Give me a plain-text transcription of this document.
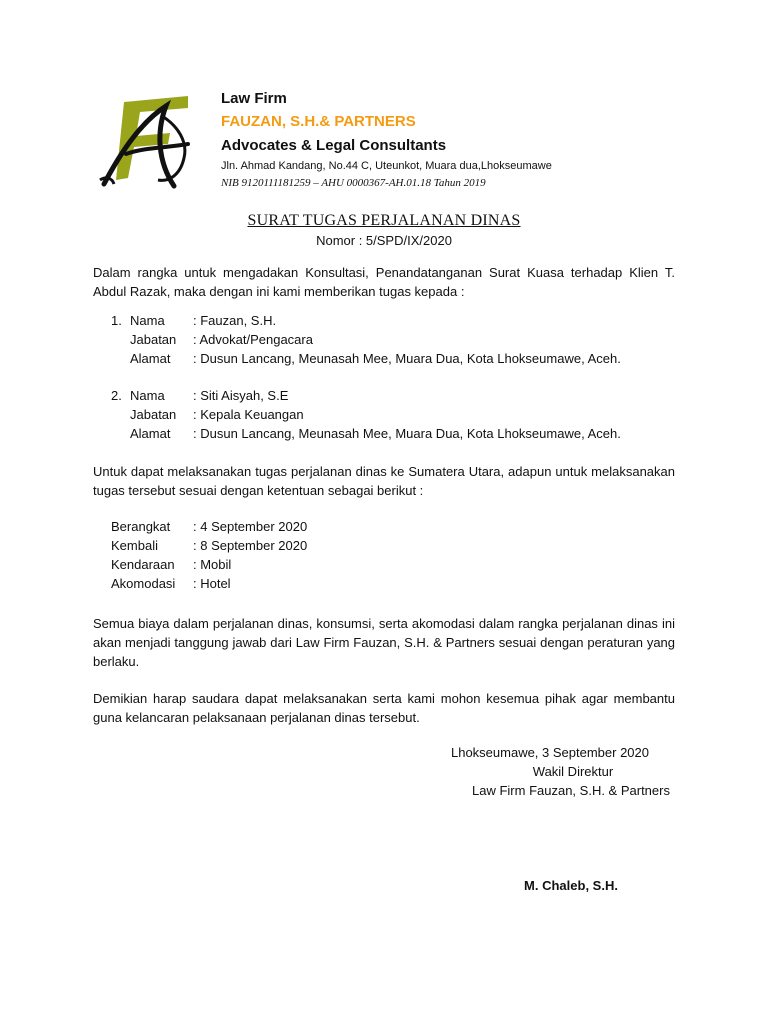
Law Firm
FAUZAN, S.H.& PARTNERS
Advocates & Legal Consultants
Jln. Ahmad Kandang, No.44 C, Uteunkot, Muara dua,Lhokseumawe
NIB 9120111181259 – AHU 0000367-AH.01.18 Tahun 2019
SURAT TUGAS PERJALANAN DINAS
Nomor : 5/SPD/IX/2020
Dalam rangka untuk mengadakan Konsultasi, Penandatanganan Surat Kuasa terhadap Klien T. Abdul Razak, maka dengan ini kami memberikan tugas kepada :
1. Nama : Fauzan, S.H.
Jabatan : Advokat/Pengacara
Alamat : Dusun Lancang, Meunasah Mee, Muara Dua, Kota Lhokseumawe, Aceh.
2. Nama : Siti Aisyah, S.E
Jabatan : Kepala Keuangan
Alamat : Dusun Lancang, Meunasah Mee, Muara Dua, Kota Lhokseumawe, Aceh.
Untuk dapat melaksanakan tugas perjalanan dinas ke Sumatera Utara, adapun untuk melaksanakan tugas tersebut sesuai dengan ketentuan sebagai berikut :
Berangkat : 4 September 2020
Kembali	: 8 September 2020
Kendaraan : Mobil
Akomodasi : Hotel
Semua biaya dalam perjalanan dinas, konsumsi, serta akomodasi dalam rangka perjalanan dinas ini akan menjadi tanggung jawab dari Law Firm Fauzan, S.H. & Partners sesuai dengan peraturan yang berlaku.
Demikian harap saudara dapat melaksanakan serta kami mohon kesemua pihak agar membantu guna kelancaran pelaksanaan perjalanan dinas tersebut.
Lhokseumawe, 3 September 2020
Wakil Direktur
Law Firm Fauzan, S.H. & Partners
M. Chaleb, S.H.
